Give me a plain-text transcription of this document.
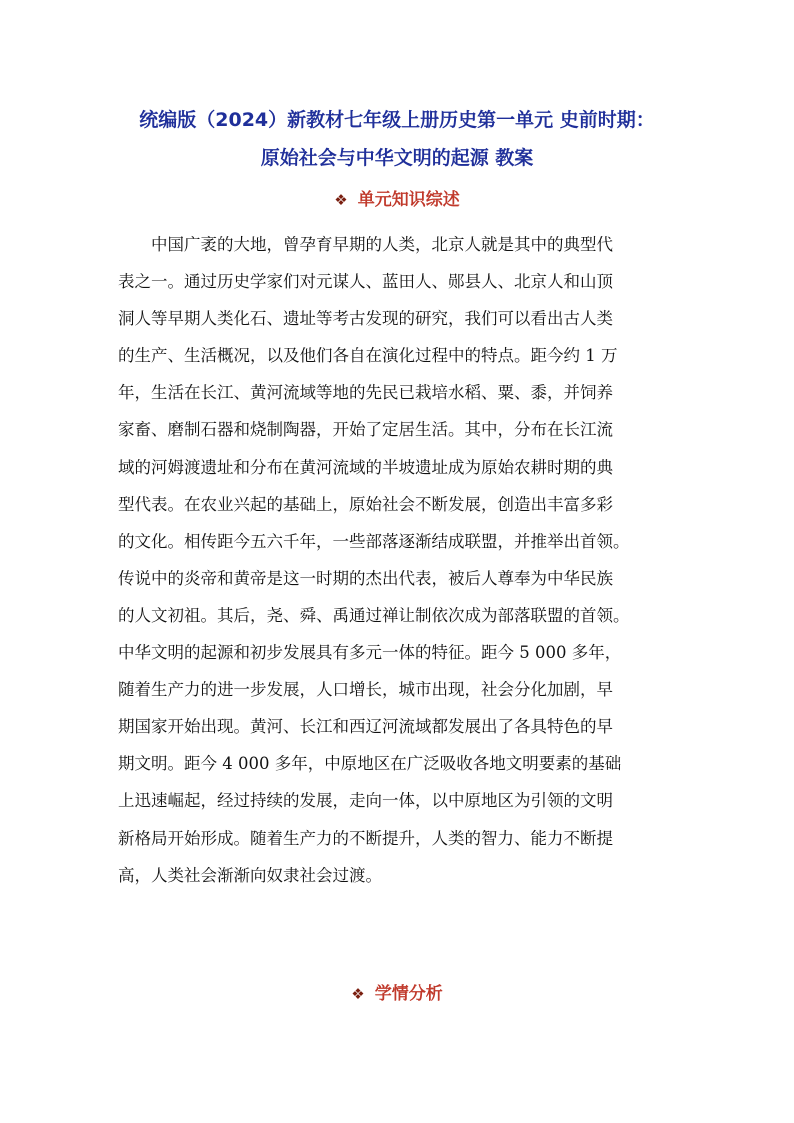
统编版（2024）新教材七年级上册历史第一单元 史前时期：
原始社会与中华文明的起源 教案
❖ 单元知识综述
中国广袤的大地，曾孕育早期的人类，北京人就是其中的典型代
表之一。通过历史学家们对元谋人、蓝田人、郧县人、北京人和山顶
洞人等早期人类化石、遗址等考古发现的研究，我们可以看出古人类
的生产、生活概况，以及他们各自在演化过程中的特点。距今约 1 万
年，生活在长江、黄河流域等地的先民已栽培水稻、粟、黍，并饲养
家畜、磨制石器和烧制陶器，开始了定居生活。其中，分布在长江流
域的河姆渡遗址和分布在黄河流域的半坡遗址成为原始农耕时期的典
型代表。在农业兴起的基础上，原始社会不断发展，创造出丰富多彩
的文化。相传距今五六千年，一些部落逐渐结成联盟，并推举出首领。
传说中的炎帝和黄帝是这一时期的杰出代表，被后人尊奉为中华民族
的人文初祖。其后，尧、舜、禹通过禅让制依次成为部落联盟的首领。
中华文明的起源和初步发展具有多元一体的特征。距今 5 000 多年，
随着生产力的进一步发展，人口增长，城市出现，社会分化加剧，早
期国家开始出现。黄河、长江和西辽河流域都发展出了各具特色的早
期文明。距今 4 000 多年，中原地区在广泛吸收各地文明要素的基础
上迅速崛起，经过持续的发展，走向一体，以中原地区为引领的文明
新格局开始形成。随着生产力的不断提升，人类的智力、能力不断提
高，人类社会渐渐向奴隶社会过渡。
❖ 学情分析
